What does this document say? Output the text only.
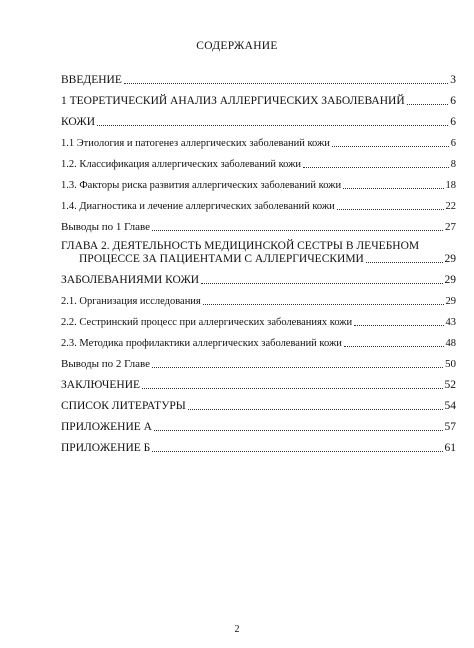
СОДЕРЖАНИЕ
ВВЕДЕНИЕ	3
1 ТЕОРЕТИЧЕСКИЙ АНАЛИЗ АЛЛЕРГИЧЕСКИХ ЗАБОЛЕВАНИЙ	6
КОЖИ	6
1.1 Этиология и патогенез аллергических заболеваний кожи	6
1.2. Классификация аллергических заболеваний кожи	8
1.3. Факторы риска развития аллергических заболеваний кожи	18
1.4. Диагностика и лечение аллергических заболеваний кожи	22
Выводы по 1 Главе	27
ГЛАВА 2. ДЕЯТЕЛЬНОСТЬ МЕДИЦИНСКОЙ СЕСТРЫ В ЛЕЧЕБНОМ
ПРОЦЕССЕ ЗА ПАЦИЕНТАМИ С АЛЛЕРГИЧЕСКИМИ	29
ЗАБОЛЕВАНИЯМИ КОЖИ	29
2.1. Организация исследования	29
2.2. Сестринский процесс при аллергических заболеваниях кожи	43
2.3. Методика профилактики аллергических заболеваний кожи	48
Выводы по 2 Главе	50
ЗАКЛЮЧЕНИЕ	52
СПИСОК ЛИТЕРАТУРЫ	54
ПРИЛОЖЕНИЕ А	57
ПРИЛОЖЕНИЕ Б	61
2
